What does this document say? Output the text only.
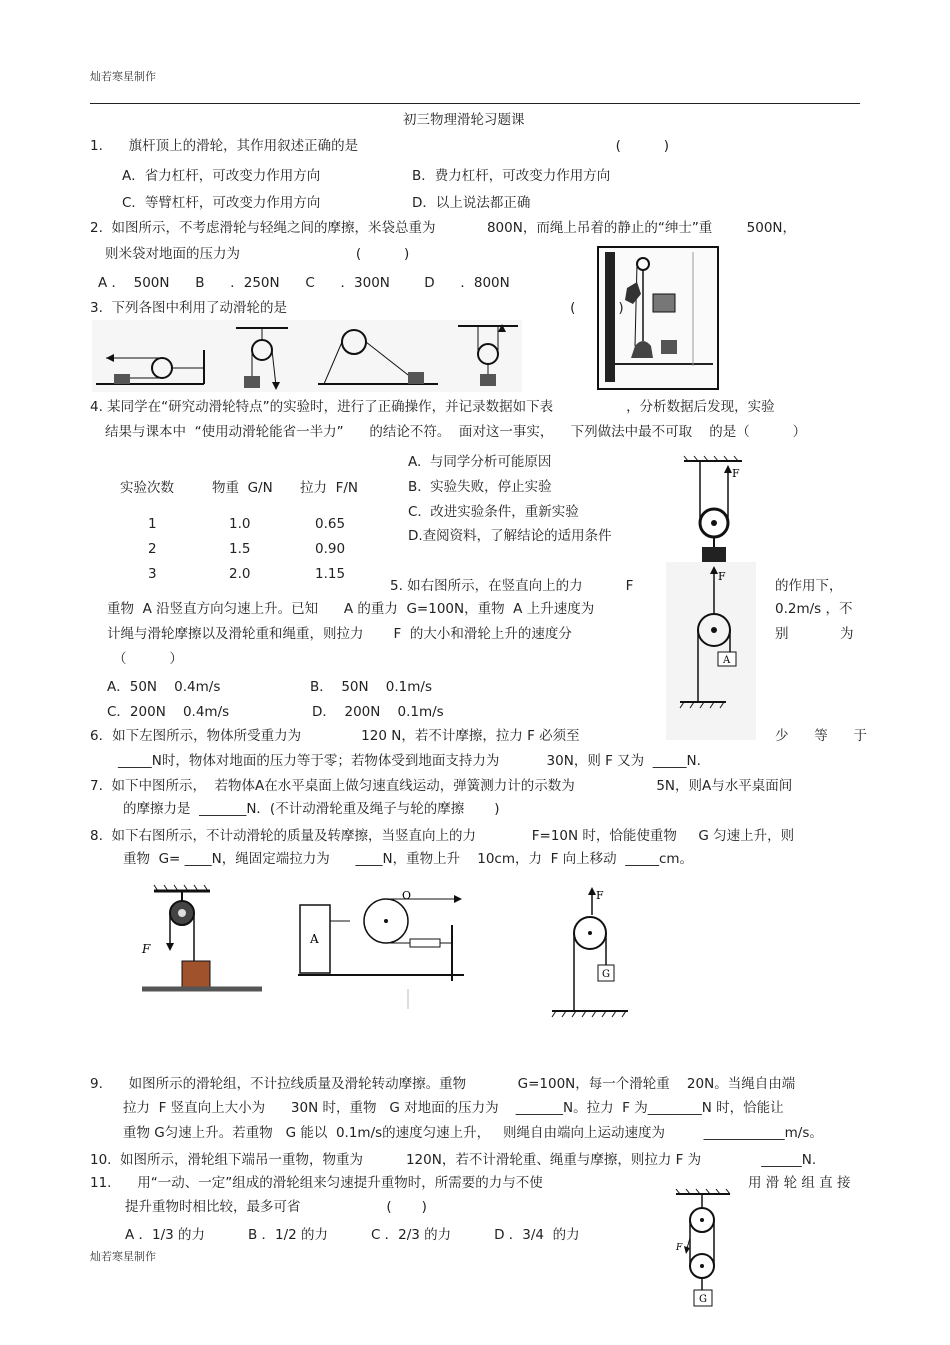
灿若寒星制作
初三物理滑轮习题课
1.      旗杆顶上的滑轮，其作用叙述正确的是                                                            (          )
A．省力杠杆，可改变力作用方向	B．费力杠杆，可改变力作用方向
C．等臂杠杆，可改变力作用方向	D．以上说法都正确
2.  如图所示，不考虑滑轮与轻绳之间的摩擦，米袋总重为            800N，而绳上吊着的静止的“绅士”重        500N，
则米袋对地面的压力为                           (          )
A ．  500N      B      ．250N      C      ．300N        D      ．800N
3.  下列各图中利用了动滑轮的是                                                                  (          )
4. 某同学在“研究动滑轮特点”的实验时，进行了正确操作，并记录数据如下表                 ，分析数据后发现，实验
结果与课本中  “使用动滑轮能省一半力”      的结论不符。  面对这一事实，    下列做法中最不可取    的是（          ）
A.  与同学分析可能原因
B.  实验失败，停止实验
C.  改进实验条件，重新实验
D.查阅资料，了解结论的适用条件
实验次数	物重  G/N 拉力  F/N
1	1.0	0.65
2	1.5	0.90
3	2.0	1.15
F
5. 如右图所示，在竖直向上的力          F	的作用下，
重物  A 沿竖直方向匀速上升。已知      A 的重力  G=100N，重物  A 上升速度为	0.2m/s ，不
计绳与滑轮摩擦以及滑轮重和绳重，则拉力       F  的大小和滑轮上升的速度分	别            为
（          ）
A．50N    0.4m/s	B．  50N    0.1m/s
C．200N    0.4m/s	D．  200N    0.1m/s
F
A
6．如下左图所示，物体所受重力为              120 N，若不计摩擦，拉力 F 必须至	少      等      于
_____N时，物体对地面的压力等于零；若物体受到地面支持力为           30N，则 F 又为  _____N.
7.  如下中图所示，  若物体A在水平桌面上做匀速直线运动，弹簧测力计的示数为                   5N，则A与水平桌面间
的摩擦力是  _______N．(不计动滑轮重及绳子与轮的摩擦       )
8.  如下右图所示，不计动滑轮的质量及转摩擦，当竖直向上的力             F=10N 时，恰能使重物     G 匀速上升，则
重物  G= ____N，绳固定端拉力为      ____N，重物上升    10cm，力  F 向上移动  _____cm。
F
A
O	F
G
9.      如图所示的滑轮组，不计拉线质量及滑轮转动摩擦。重物            G=100N，每一个滑轮重    20N。当绳自由端
拉力  F 竖直向上大小为      30N 时，重物   G 对地面的压力为    _______N。拉力  F 为________N 时，恰能让
重物 G匀速上升。若重物   G 能以  0.1m/s的速度匀速上升，   则绳自由端向上运动速度为         ____________m/s。
10.  如图所示，滑轮组下端吊一重物，物重为          120N，若不计滑轮重、绳重与摩擦，则拉力 F 为              ______N.
11.      用“一动、一定”组成的滑轮组来匀速提升重物时，所需要的力与不使	用 滑 轮 组 直 接
提升重物时相比较，最多可省                    (       )
A ．1/3 的力          B ．1/2 的力          C ．2/3 的力          D ．3/4  的力
F
G
灿若寒星制作
